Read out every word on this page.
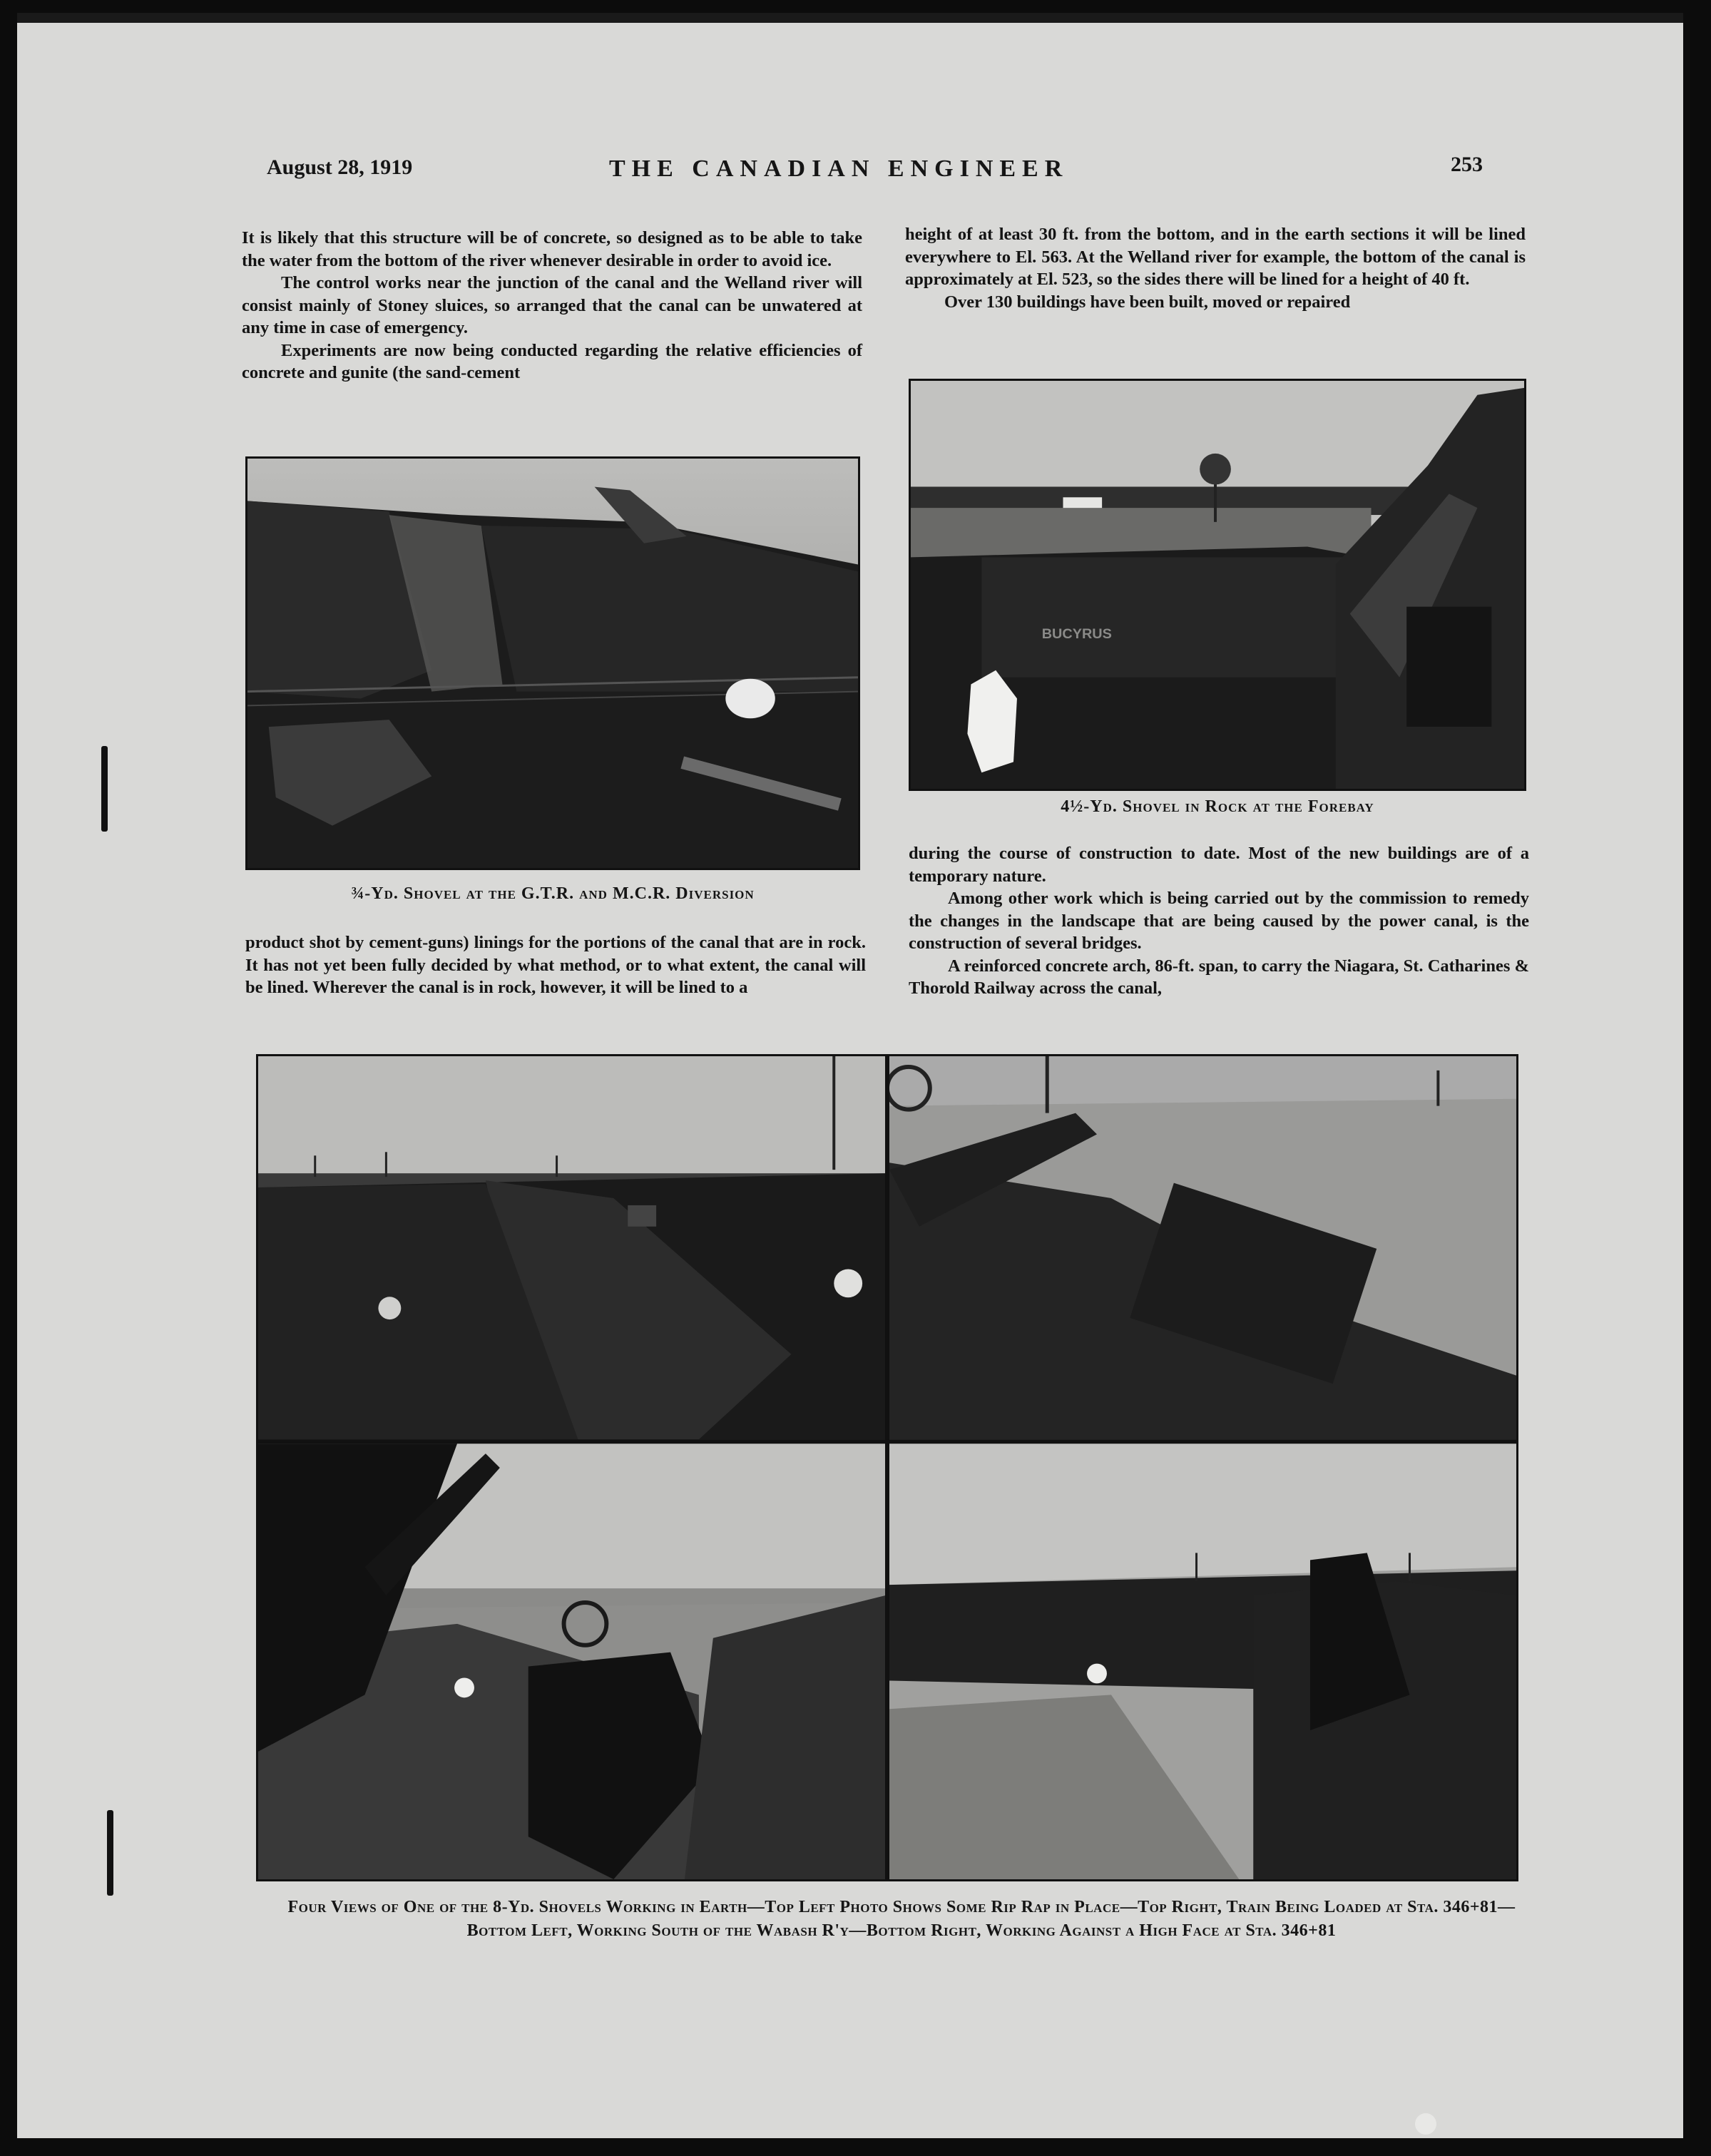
August 28, 1919	THE CANADIAN ENGINEER	253

It is likely that this structure will be of concrete, so designed as to be able to take the water from the bottom of the river whenever desirable in order to avoid ice.

The control works near the junction of the canal and the Welland river will consist mainly of Stoney sluices, so arranged that the canal can be unwatered at any time in case of emergency.

Experiments are now being conducted regarding the relative efficiencies of concrete and gunite (the sand-cement

height of at least 30 ft. from the bottom, and in the earth sections it will be lined everywhere to El. 563. At the Welland river for example, the bottom of the canal is approximately at El. 523, so the sides there will be lined for a height of 40 ft.

Over 130 buildings have been built, moved or repaired

¾-Yd. Shovel at the G.T.R. and M.C.R. Diversion
BUCYRUS
4½-Yd. Shovel in Rock at the Forebay

product shot by cement-guns) linings for the portions of the canal that are in rock. It has not yet been fully decided by what method, or to what extent, the canal will be lined. Wherever the canal is in rock, however, it will be lined to a

during the course of construction to date. Most of the new buildings are of a temporary nature.

Among other work which is being carried out by the commission to remedy the changes in the landscape that are being caused by the power canal, is the construction of several bridges.

A reinforced concrete arch, 86-ft. span, to carry the Niagara, St. Catharines & Thorold Railway across the canal,

Four Views of One of the 8-Yd. Shovels Working in Earth—Top Left Photo Shows Some Rip Rap in Place—Top Right, Train Being Loaded at Sta. 346+81—Bottom Left, Working South of the Wabash R'y—Bottom Right, Working Against a High Face at Sta. 346+81
